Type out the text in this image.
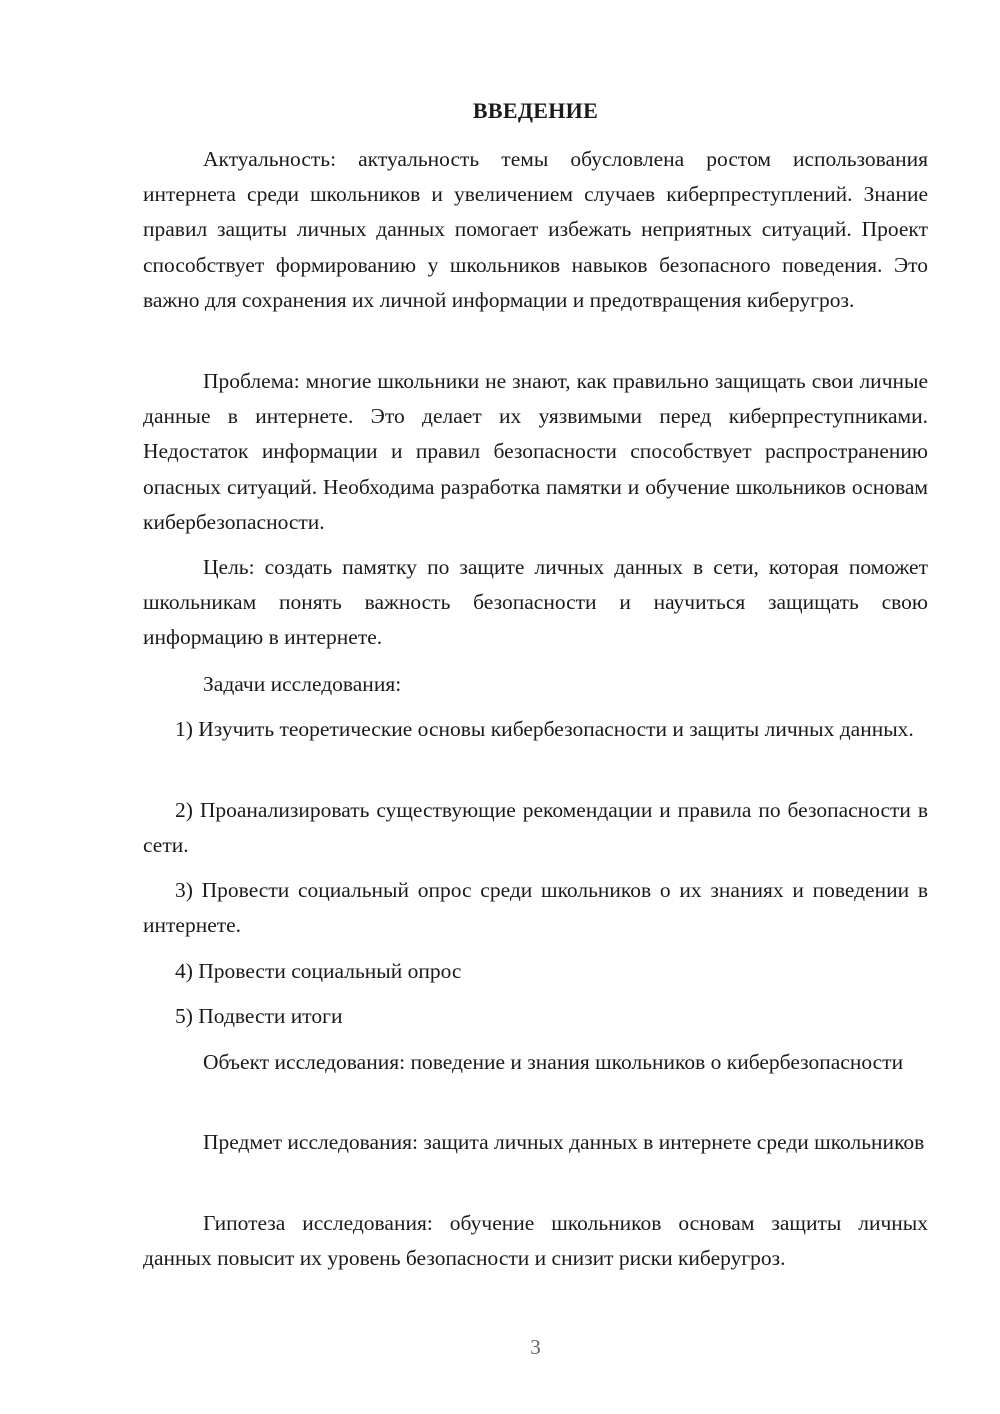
ВВЕДЕНИЕ

Актуальность: актуальность темы обусловлена ростом использования интернета среди школьников и увеличением случаев киберпреступлений. Знание правил защиты личных данных помогает избежать неприятных ситуаций. Проект способствует формированию у школьников навыков безопасного поведения. Это важно для сохранения их личной информации и предотвращения киберугроз.

Проблема: многие школьники не знают, как правильно защищать свои личные данные в интернете. Это делает их уязвимыми перед киберпреступниками. Недостаток информации и правил безопасности способствует распространению опасных ситуаций. Необходима разработка памятки и обучение школьников основам кибербезопасности.

Цель: создать памятку по защите личных данных в сети, которая поможет школьникам понять важность безопасности и научиться защищать свою информацию в интернете.

Задачи исследования:

1) Изучить теоретические основы кибербезопасности и защиты личных данных.

2) Проанализировать существующие рекомендации и правила по безопасности в сети.

3) Провести социальный опрос среди школьников о их знаниях и поведении в интернете.

4) Провести социальный опрос

5) Подвести итоги

Объект исследования: поведение и знания школьников о кибербезопасности

Предмет исследования: защита личных данных в интернете среди школьников

Гипотеза исследования: обучение школьников основам защиты личных данных повысит их уровень безопасности и снизит риски киберугроз.

3
